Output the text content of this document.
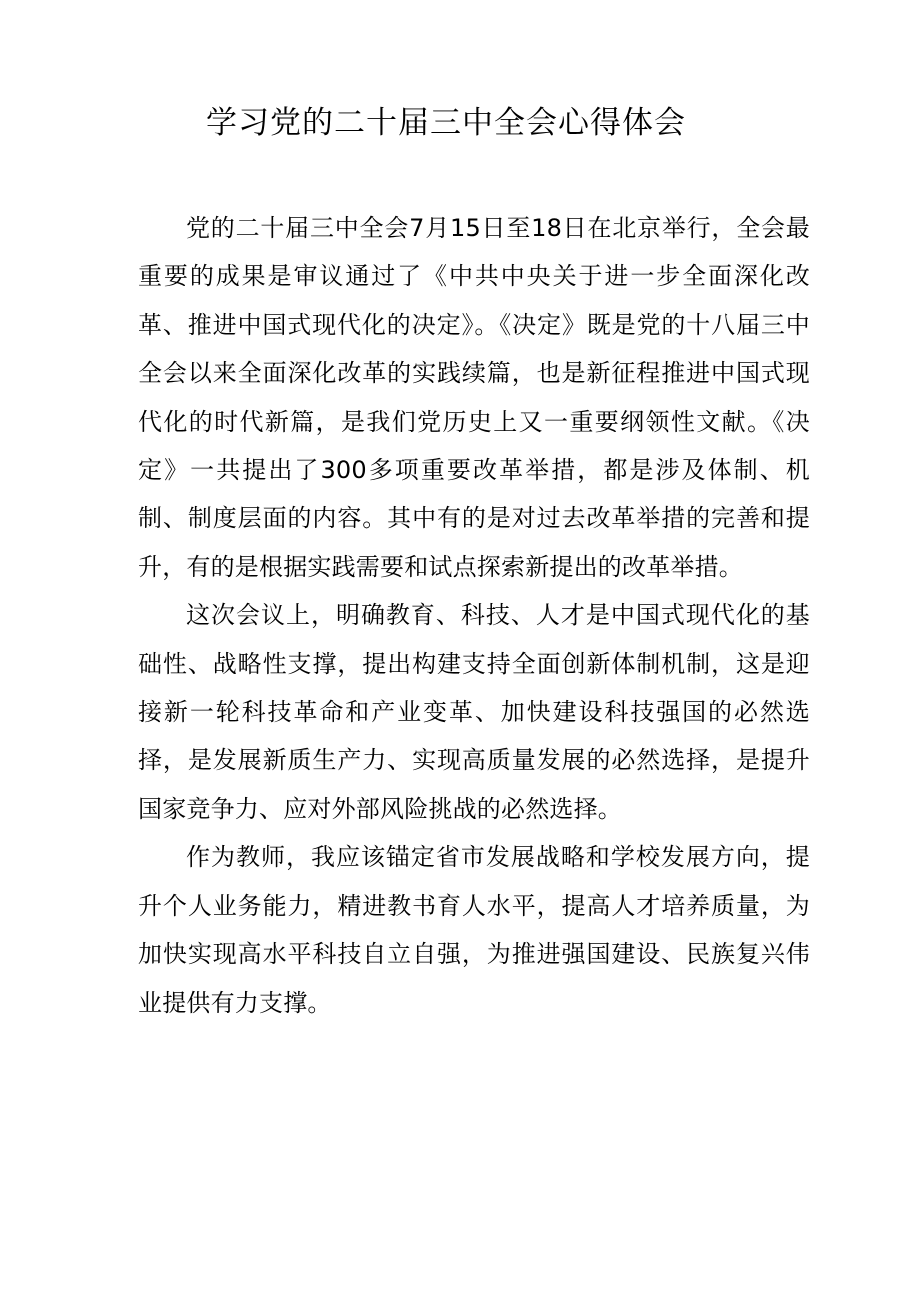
学习党的二十届三中全会心得体会

党的二十届三中全会7月15日至18日在北京举行，全会最重要的成果是审议通过了《中共中央关于进一步全面深化改革、推进中国式现代化的决定》。《决定》既是党的十八届三中全会以来全面深化改革的实践续篇，也是新征程推进中国式现代化的时代新篇，是我们党历史上又一重要纲领性文献。《决定》一共提出了300多项重要改革举措，都是涉及体制、机制、制度层面的内容。其中有的是对过去改革举措的完善和提升，有的是根据实践需要和试点探索新提出的改革举措。

这次会议上，明确教育、科技、人才是中国式现代化的基础性、战略性支撑，提出构建支持全面创新体制机制，这是迎接新一轮科技革命和产业变革、加快建设科技强国的必然选择，是发展新质生产力、实现高质量发展的必然选择，是提升国家竞争力、应对外部风险挑战的必然选择。

作为教师，我应该锚定省市发展战略和学校发展方向，提升个人业务能力，精进教书育人水平，提高人才培养质量，为加快实现高水平科技自立自强，为推进强国建设、民族复兴伟业提供有力支撑。
